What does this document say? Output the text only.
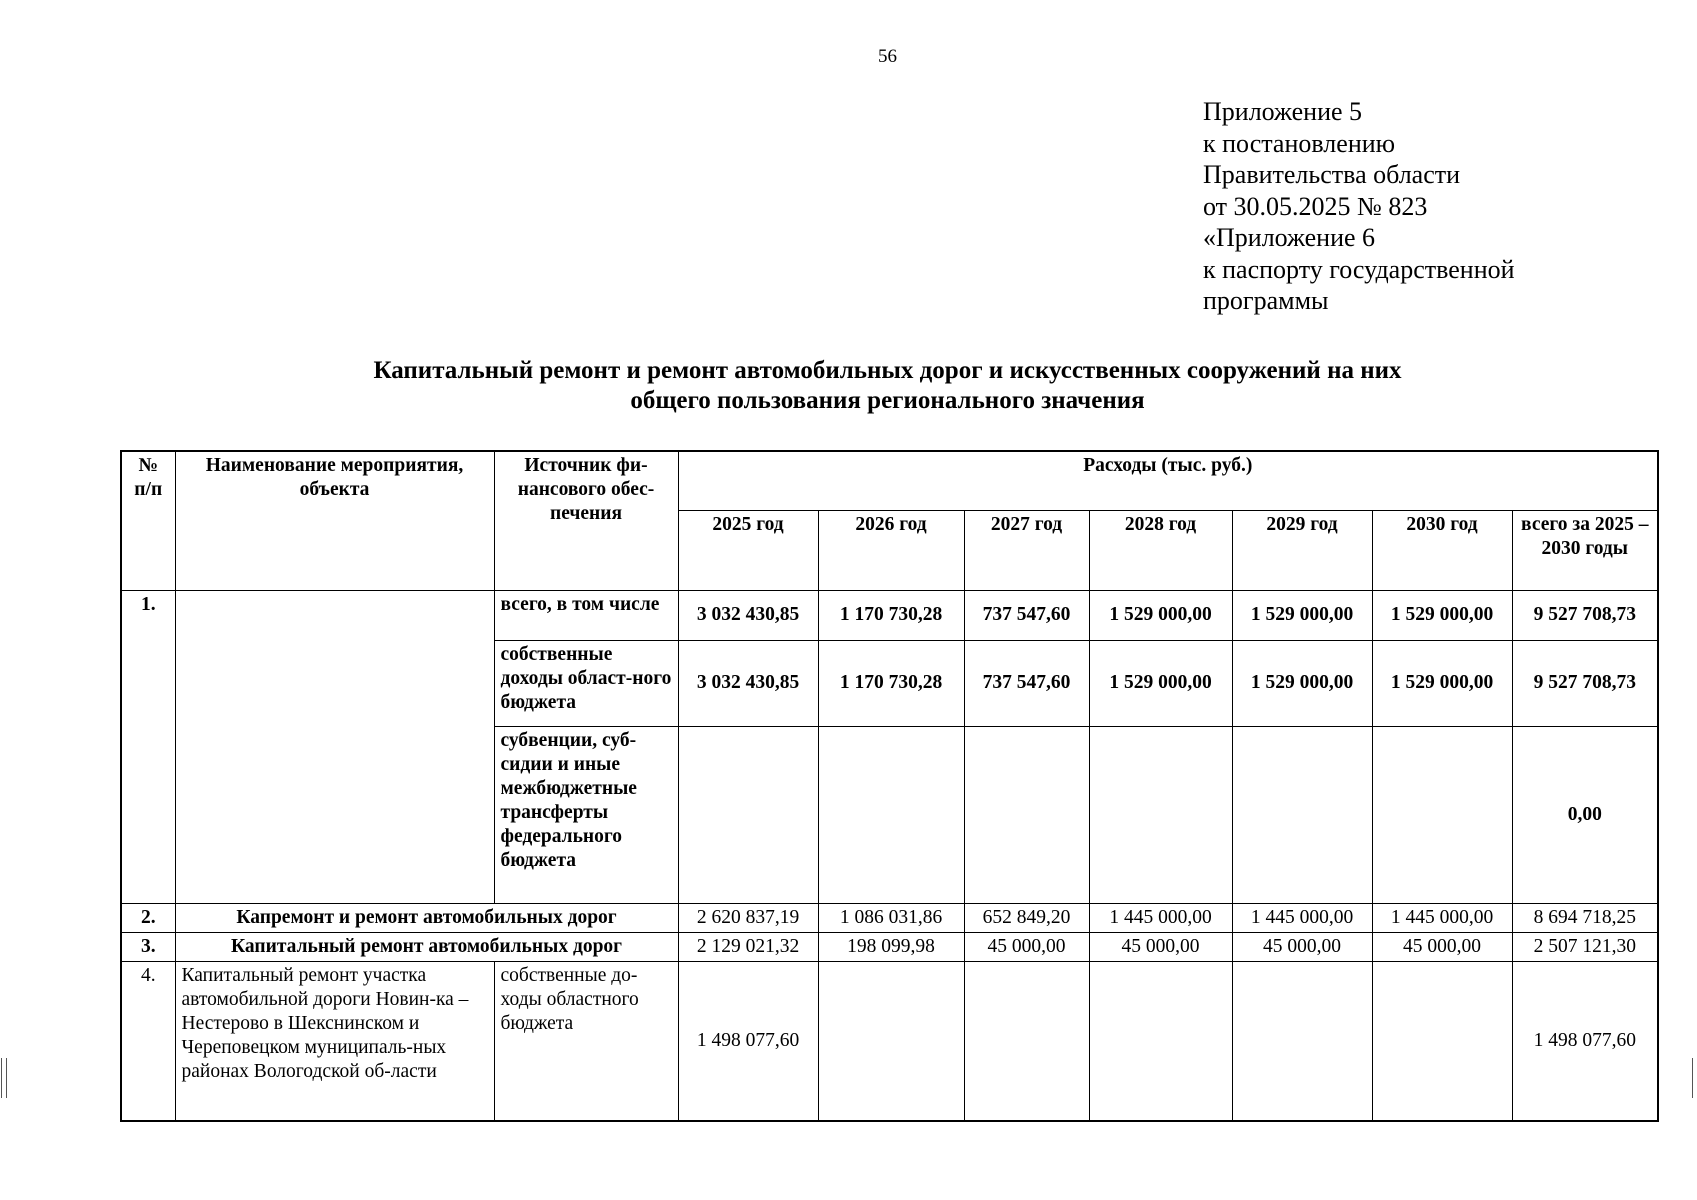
56
Приложение 5
к постановлению
Правительства области
от 30.05.2025 № 823
«Приложение 6
к паспорту государственной
программы
Капитальный ремонт и ремонт автомобильных дорог и искусственных сооружений на них
общего пользования регионального значения
№ п/п	Наименование мероприятия, объекта	Источник фи-нансового обес-печения	Расходы (тыс. руб.)						
			2025 год	2026 год	2027 год	2028 год	2029 год	2030 год	всего за 2025 – 2030 годы
1.		всего, в том числе	3 032 430,85	1 170 730,28	737 547,60	1 529 000,00	1 529 000,00	1 529 000,00	9 527 708,73
		собственные доходы област-ного бюджета	3 032 430,85	1 170 730,28	737 547,60	1 529 000,00	1 529 000,00	1 529 000,00	9 527 708,73
		субвенции, суб-сидии и иные межбюджетные трансферты федерального бюджета							0,00
2.	Капремонт и ремонт автомобильных дорог		2 620 837,19	1 086 031,86	652 849,20	1 445 000,00	1 445 000,00	1 445 000,00	8 694 718,25
3.	Капитальный ремонт автомобильных дорог		2 129 021,32	198 099,98	45 000,00	45 000,00	45 000,00	45 000,00	2 507 121,30
4.	Капитальный ремонт участка автомобильной дороги Новин-ка – Нестерово в Шекснинском и Череповецком муниципаль-ных районах Вологодской об-ласти	собственные до-ходы областного бюджета	1 498 077,60						1 498 077,60
